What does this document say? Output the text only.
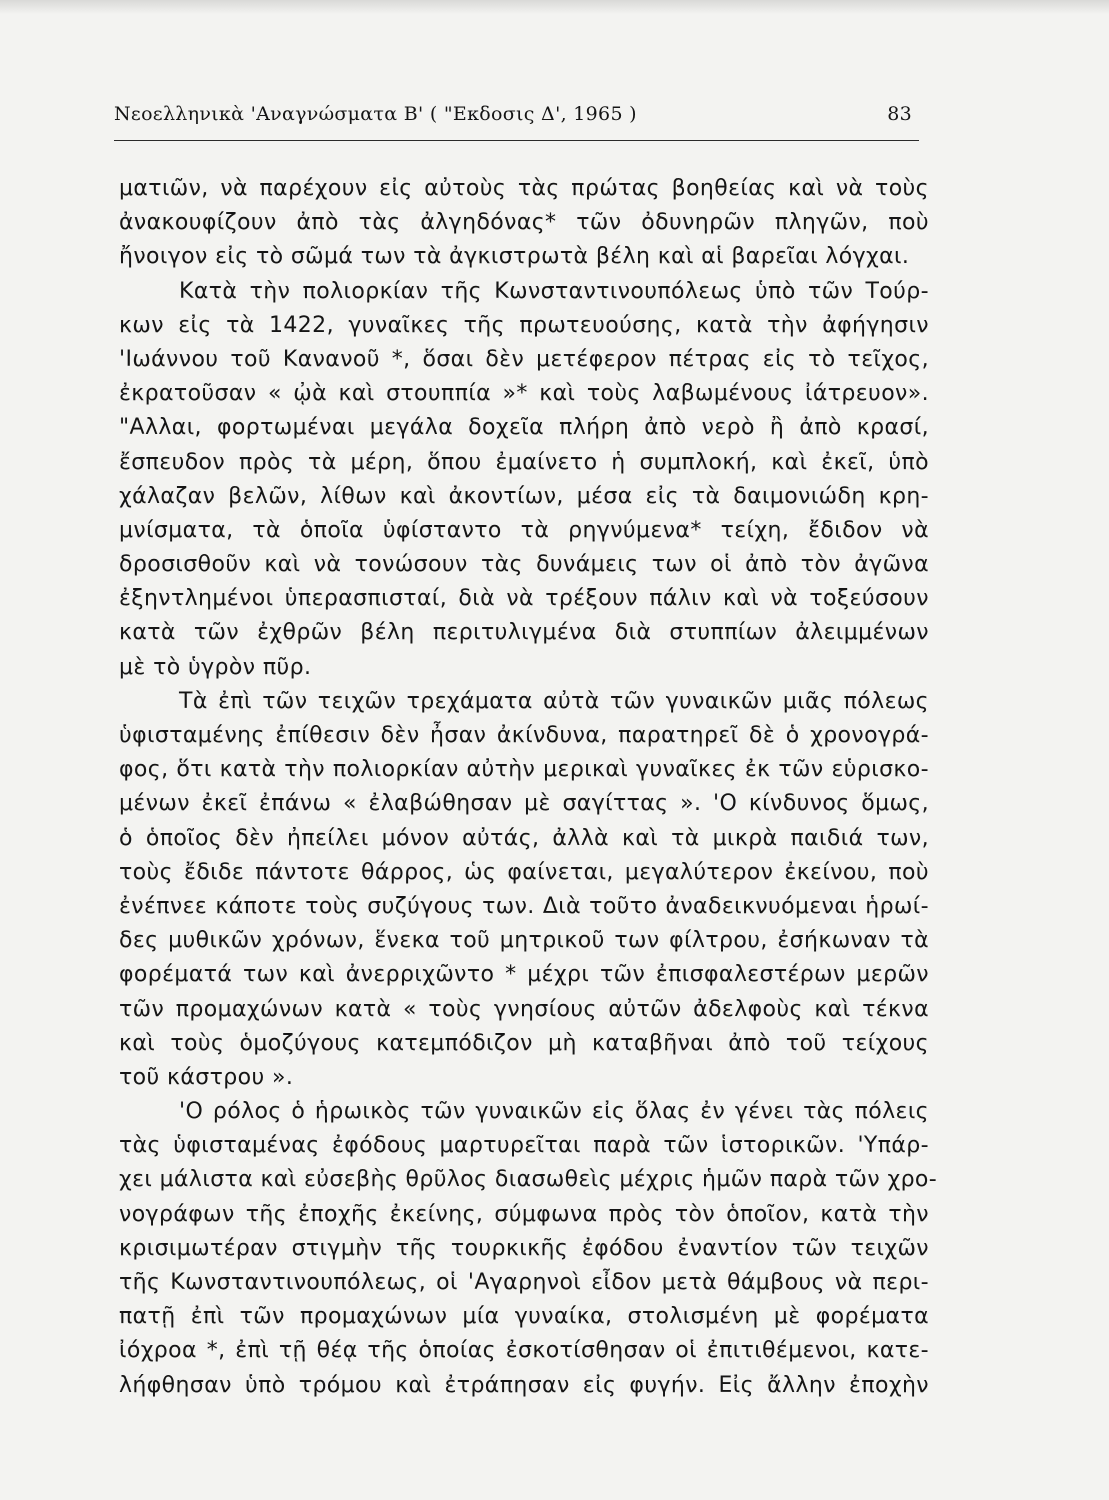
Νεοελληνικὰ 'Αναγνώσματα Β' ( "Εκδοσις Δ', 1965 )	83
ματιῶν, νὰ παρέχουν εἰς αὐτοὺς τὰς πρώτας βοηθείας καὶ νὰ τοὺς
ἀνακουφίζουν ἀπὸ τὰς ἀλγηδόνας* τῶν ὀδυνηρῶν πληγῶν, ποὺ
ἤνοιγον εἰς τὸ σῶμά των τὰ ἀγκιστρωτὰ βέλη καὶ αἱ βαρεῖαι λόγχαι.
Κατὰ τὴν πολιορκίαν τῆς Κωνσταντινουπόλεως ὑπὸ τῶν Τούρ-
κων εἰς τὰ 1422, γυναῖκες τῆς πρωτευούσης, κατὰ τὴν ἀφήγησιν
'Ιωάννου τοῦ Κανανοῦ *, ὅσαι δὲν μετέφερον πέτρας εἰς τὸ τεῖχος,
ἐκρατοῦσαν « ᾠὰ καὶ στουππία »* καὶ τοὺς λαβωμένους ἰάτρευον».
"Αλλαι, φορτωμέναι μεγάλα δοχεῖα πλήρη ἀπὸ νερὸ ἢ ἀπὸ κρασί,
ἔσπευδον πρὸς τὰ μέρη, ὅπου ἐμαίνετο ἡ συμπλοκή, καὶ ἐκεῖ, ὑπὸ
χάλαζαν βελῶν, λίθων καὶ ἀκοντίων, μέσα εἰς τὰ δαιμονιώδη κρη-
μνίσματα, τὰ ὁποῖα ὑφίσταντο τὰ ρηγνύμενα* τείχη, ἔδιδον νὰ
δροσισθοῦν καὶ νὰ τονώσουν τὰς δυνάμεις των οἱ ἀπὸ τὸν ἀγῶνα
ἐξηντλημένοι ὑπερασπισταί, διὰ νὰ τρέξουν πάλιν καὶ νὰ τοξεύσουν
κατὰ τῶν ἐχθρῶν βέλη περιτυλιγμένα διὰ στυππίων ἀλειμμένων
μὲ τὸ ὑγρὸν πῦρ.
Τὰ ἐπὶ τῶν τειχῶν τρεχάματα αὐτὰ τῶν γυναικῶν μιᾶς πόλεως
ὑφισταμένης ἐπίθεσιν δὲν ἦσαν ἀκίνδυνα, παρατηρεῖ δὲ ὁ χρονογρά-
φος, ὅτι κατὰ τὴν πολιορκίαν αὐτὴν μερικαὶ γυναῖκες ἐκ τῶν εὑρισκο-
μένων ἐκεῖ ἐπάνω « ἐλαβώθησαν μὲ σαγίττας ». 'Ο κίνδυνος ὅμως,
ὁ ὁποῖος δὲν ἠπείλει μόνον αὐτάς, ἀλλὰ καὶ τὰ μικρὰ παιδιά των,
τοὺς ἔδιδε πάντοτε θάρρος, ὡς φαίνεται, μεγαλύτερον ἐκείνου, ποὺ
ἐνέπνεε κάποτε τοὺς συζύγους των. Διὰ τοῦτο ἀναδεικνυόμεναι ἡρωί-
δες μυθικῶν χρόνων, ἕνεκα τοῦ μητρικοῦ των φίλτρου, ἐσήκωναν τὰ
φορέματά των καὶ ἀνερριχῶντο * μέχρι τῶν ἐπισφαλεστέρων μερῶν
τῶν προμαχώνων κατὰ « τοὺς γνησίους αὐτῶν ἀδελφοὺς καὶ τέκνα
καὶ τοὺς ὁμοζύγους κατεμπόδιζον μὴ καταβῆναι ἀπὸ τοῦ τείχους
τοῦ κάστρου ».
'Ο ρόλος ὁ ἡρωικὸς τῶν γυναικῶν εἰς ὅλας ἐν γένει τὰς πόλεις
τὰς ὑφισταμένας ἐφόδους μαρτυρεῖται παρὰ τῶν ἱστορικῶν. 'Υπάρ-
χει μάλιστα καὶ εὐσεβὴς θρῦλος διασωθεὶς μέχρις ἡμῶν παρὰ τῶν χρο-
νογράφων τῆς ἐποχῆς ἐκείνης, σύμφωνα πρὸς τὸν ὁποῖον, κατὰ τὴν
κρισιμωτέραν στιγμὴν τῆς τουρκικῆς ἐφόδου ἐναντίον τῶν τειχῶν
τῆς Κωνσταντινουπόλεως, οἱ 'Αγαρηνοὶ εἶδον μετὰ θάμβους νὰ περι-
πατῇ ἐπὶ τῶν προμαχώνων μία γυναίκα, στολισμένη μὲ φορέματα
ἰόχροα *, ἐπὶ τῇ θέᾳ τῆς ὁποίας ἐσκοτίσθησαν οἱ ἐπιτιθέμενοι, κατε-
λήφθησαν ὑπὸ τρόμου καὶ ἐτράπησαν εἰς φυγήν. Εἰς ἄλλην ἐποχὴν
